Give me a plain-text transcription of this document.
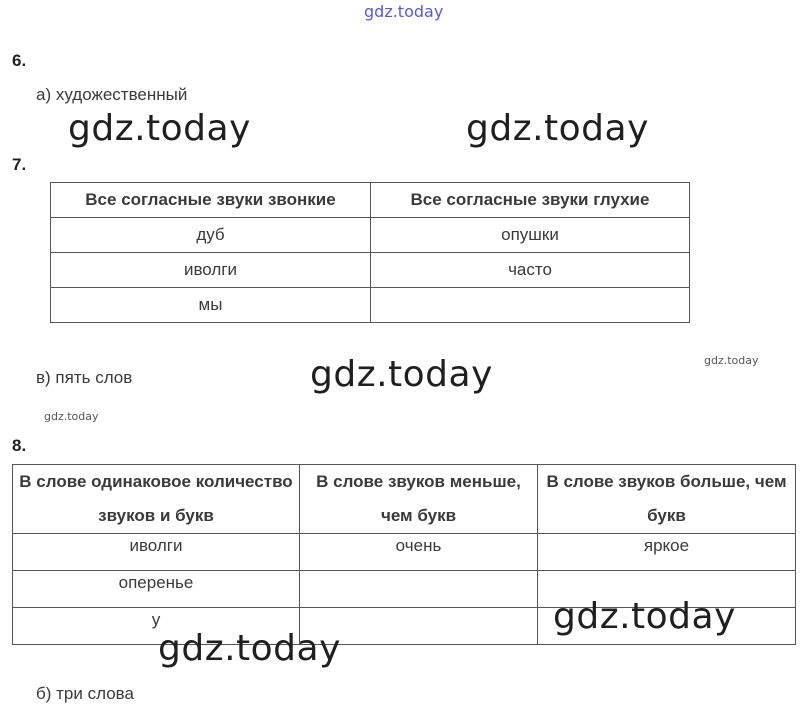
gdz.today
6.
а) художественный
gdz.today	gdz.today
7.
Все согласные звуки звонкие	Все согласные звуки глухие
дуб	опушки
иволги	часто
мы	
в) пять слов	gdz.today	gdz.today
gdz.today
8.
В слове одинаковое количество звуков и букв	В слове звуков меньше, чем букв	В слове звуков больше, чем букв
иволги	очень	яркое
оперенье		
у			gdz.today
gdz.today
б) три слова
